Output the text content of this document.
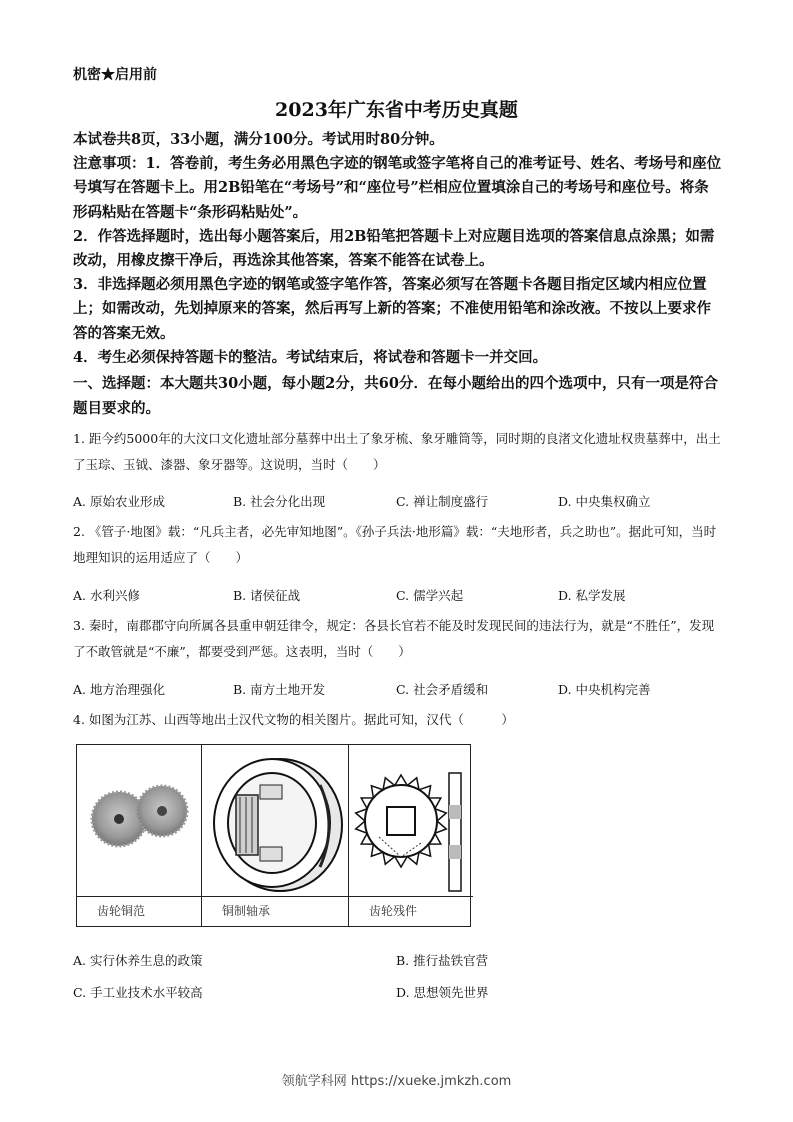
机密★启用前
2023年广东省中考历史真题

本试卷共8页，33小题，满分100分。考试用时80分钟。

注意事项：1．答卷前，考生务必用黑色字迹的钢笔或签字笔将自己的准考证号、姓名、考场号和座位号填写在答题卡上。用2B铅笔在“考场号”和“座位号”栏相应位置填涂自己的考场号和座位号。将条形码粘贴在答题卡“条形码粘贴处”。

2．作答选择题时，选出每小题答案后，用2B铅笔把答题卡上对应题目选项的答案信息点涂黑；如需改动，用橡皮擦干净后，再选涂其他答案，答案不能答在试卷上。

3．非选择题必须用黑色字迹的钢笔或签字笔作答，答案必须写在答题卡各题目指定区域内相应位置上；如需改动，先划掉原来的答案，然后再写上新的答案；不准使用铅笔和涂改液。不按以上要求作答的答案无效。

4．考生必须保持答题卡的整洁。考试结束后，将试卷和答题卡一并交回。

一、选择题：本大题共30小题，每小题2分，共60分．在每小题给出的四个选项中，只有一项是符合题目要求的。
1. 距今约5000年的大汶口文化遗址部分墓葬中出土了象牙梳、象牙雕筒等，同时期的良渚文化遗址权贵墓葬中，出土了玉琮、玉钺、漆器、象牙器等。这说明，当时（　　）
A. 原始农业形成	B. 社会分化出现	C. 禅让制度盛行	D. 中央集权确立
2. 《管子·地图》载：“凡兵主者，必先审知地图”。《孙子兵法·地形篇》载：“夫地形者，兵之助也”。据此可知，当时地理知识的运用适应了（　　）
A. 水利兴修	B. 诸侯征战	C. 儒学兴起	D. 私学发展
3. 秦时，南郡郡守向所属各县重申朝廷律令，规定：各县长官若不能及时发现民间的违法行为，就是“不胜任”，发现了不敢管就是“不廉”，都要受到严惩。这表明，当时（　　）
A. 地方治理强化	B. 南方土地开发	C. 社会矛盾缓和	D. 中央机构完善
4. 如图为江苏、山西等地出土汉代文物的相关图片。据此可知，汉代（　　　）
齿轮铜范	铜制轴承	齿轮残件
A. 实行休养生息的政策	B. 推行盐铁官营
C. 手工业技术水平较高	D. 思想领先世界
领航学科网 https://xueke.jmkzh.com
